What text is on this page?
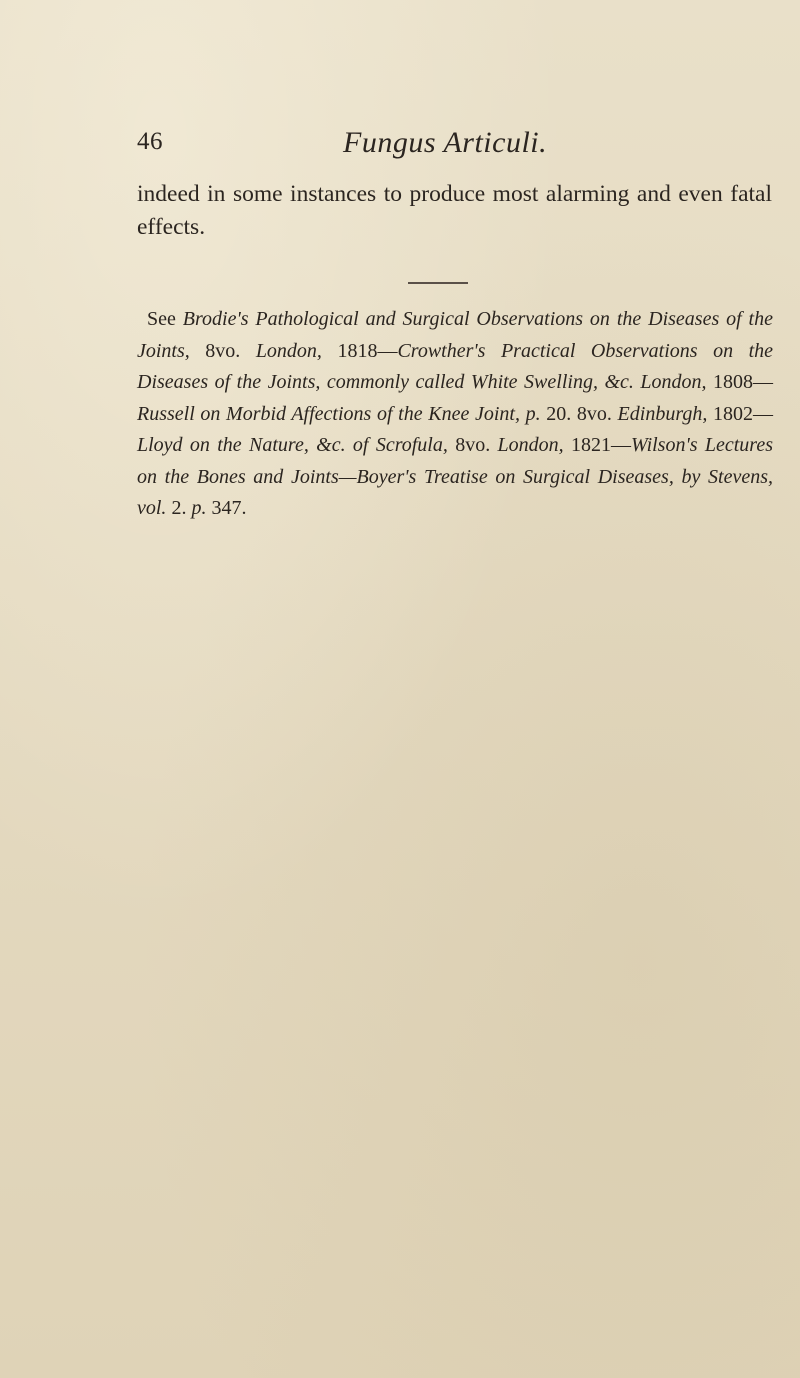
46	Fungus Articuli.

indeed in some instances to produce most alarming and even fatal effects.

See Brodie's Pathological and Surgical Observations on the Diseases of the Joints, 8vo. London, 1818—Crowther's Practical Observations on the Diseases of the Joints, commonly called White Swelling, &c. London, 1808—Russell on Morbid Affections of the Knee Joint, p. 20. 8vo. Edinburgh, 1802—Lloyd on the Nature, &c. of Scrofula, 8vo. London, 1821—Wilson's Lectures on the Bones and Joints—Boyer's Treatise on Surgical Diseases, by Stevens, vol. 2. p. 347.
